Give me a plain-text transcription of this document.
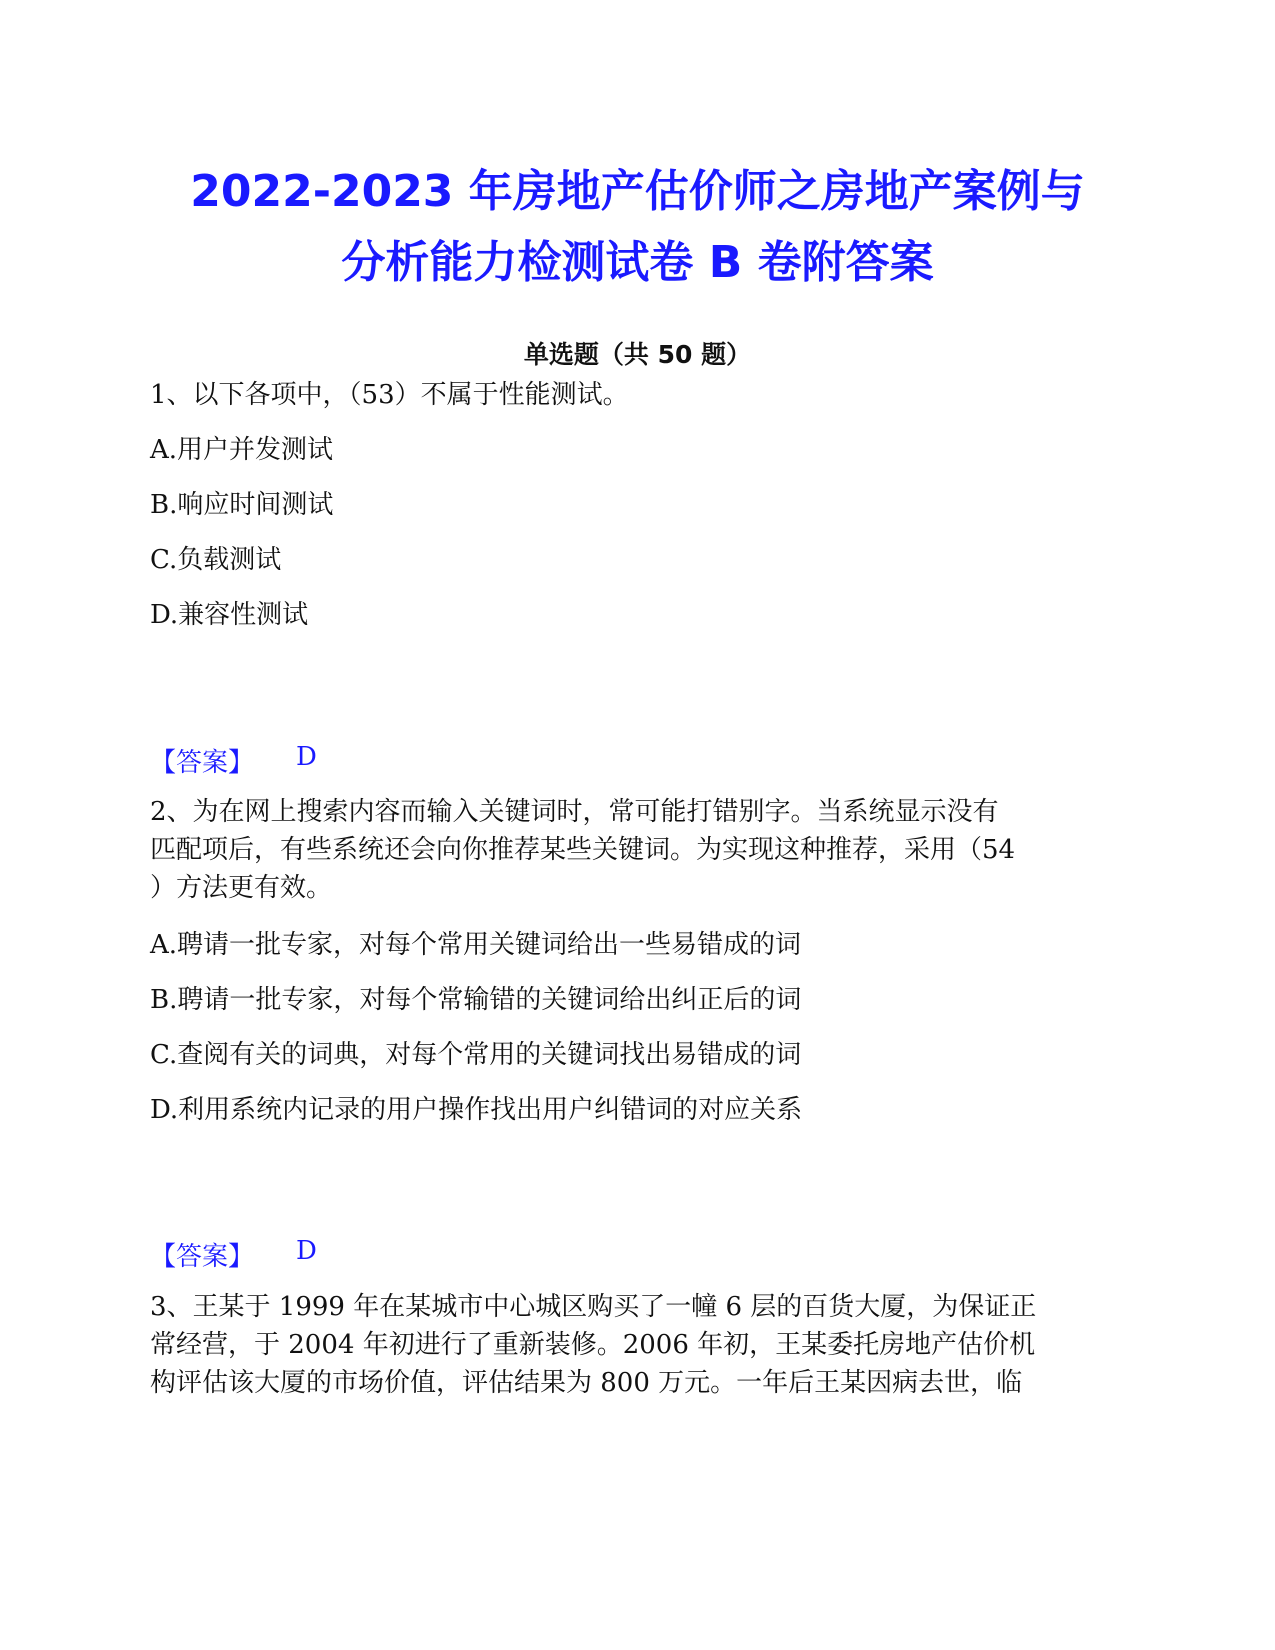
2022-2023 年房地产估价师之房地产案例与
分析能力检测试卷 B 卷附答案
单选题（共 50 题）
1、以下各项中，（53）不属于性能测试。
A.用户并发测试
B.响应时间测试
C.负载测试
D.兼容性测试
【答案】 D
2、为在网上搜索内容而输入关键词时，常可能打错别字。当系统显示没有
匹配项后，有些系统还会向你推荐某些关键词。为实现这种推荐，采用（54
）方法更有效。
A.聘请一批专家，对每个常用关键词给出一些易错成的词
B.聘请一批专家，对每个常输错的关键词给出纠正后的词
C.查阅有关的词典，对每个常用的关键词找出易错成的词
D.利用系统内记录的用户操作找出用户纠错词的对应关系
【答案】 D
3、王某于 1999 年在某城市中心城区购买了一幢 6 层的百货大厦，为保证正
常经营，于 2004 年初进行了重新装修。2006 年初，王某委托房地产估价机
构评估该大厦的市场价值，评估结果为 800 万元。一年后王某因病去世，临
